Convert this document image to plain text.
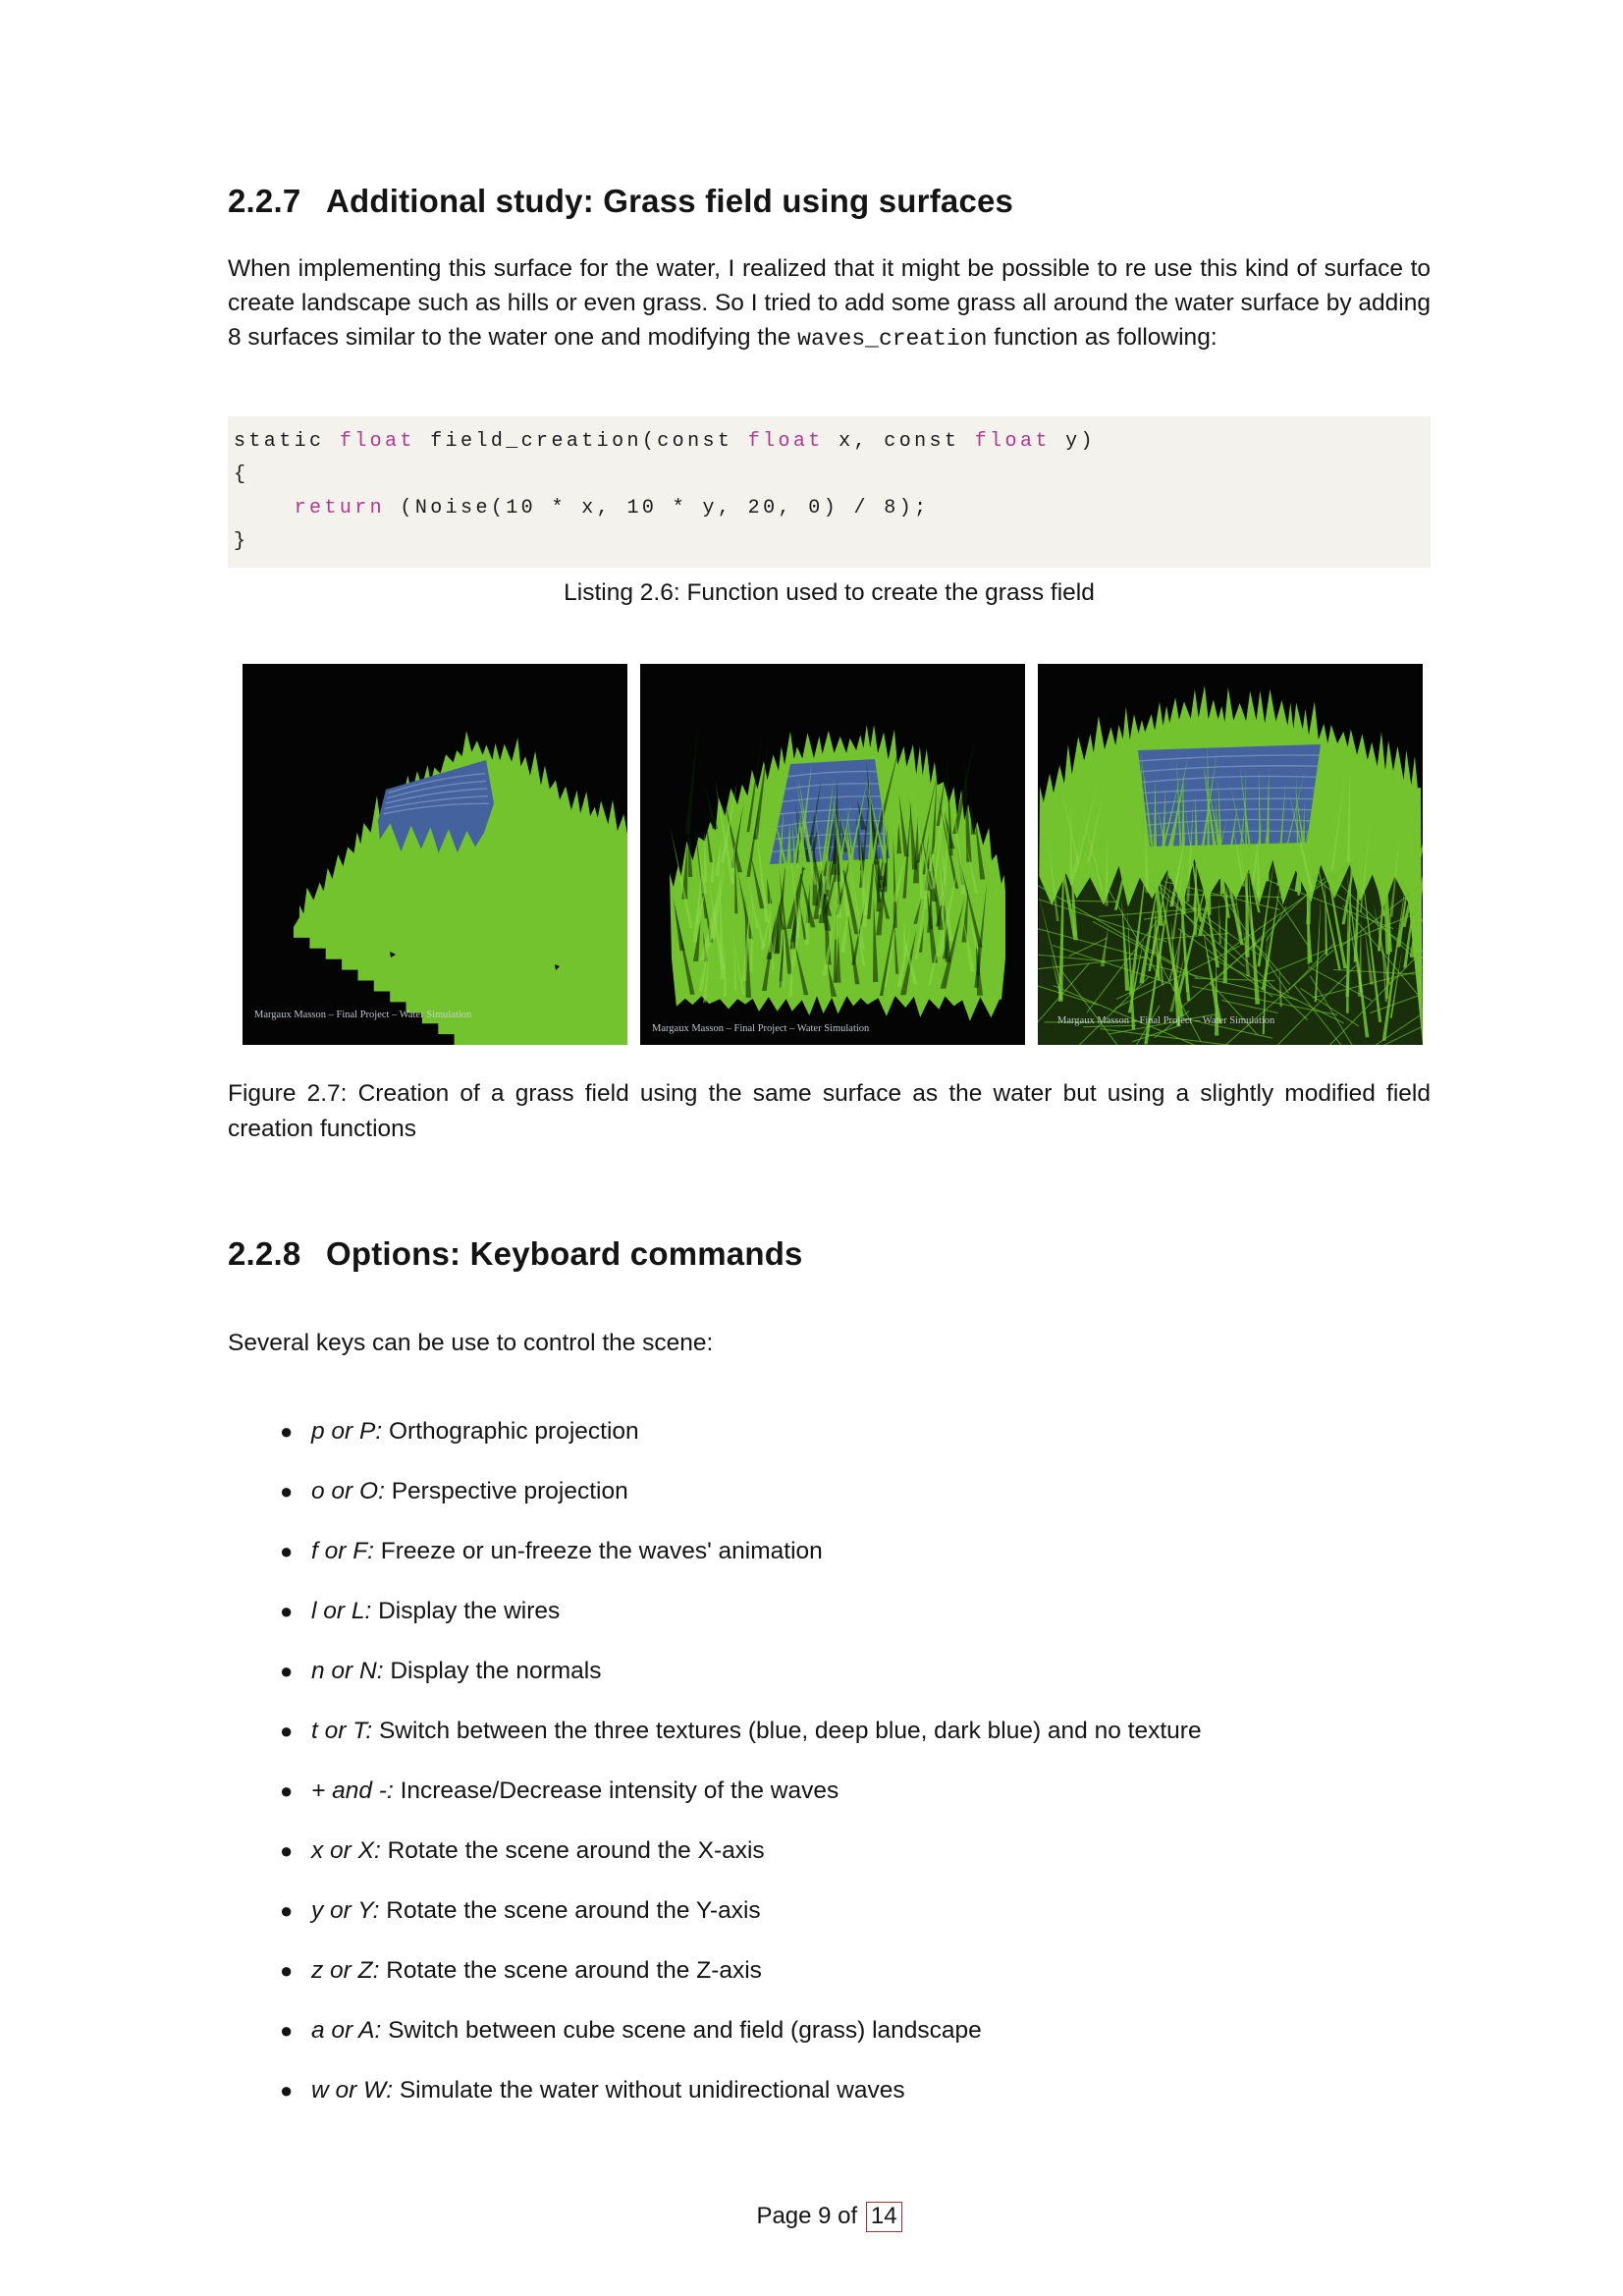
2.2.7 Additional study: Grass field using surfaces

When implementing this surface for the water, I realized that it might be possible to re use this kind of surface to create landscape such as hills or even grass. So I tried to add some grass all around the water surface by adding 8 surfaces similar to the water one and modifying the waves_creation function as following:

static float field_creation(const float x, const float y)
{
return (Noise(10 * x, 10 * y, 20, 0) / 8);
}
Listing 2.6: Function used to create the grass field
Margaux Masson – Final Project – Water Simulation
Margaux Masson – Final Project – Water Simulation
Margaux Masson – Final Project – Water Simulation
Figure 2.7: Creation of a grass field using the same surface as the water but using a slightly modified field creation functions
2.2.8 Options: Keyboard commands

Several keys can be use to control the scene:

● p or P: Orthographic projection
● o or O: Perspective projection
● f or F: Freeze or un-freeze the waves' animation
● l or L: Display the wires
● n or N: Display the normals
● t or T: Switch between the three textures (blue, deep blue, dark blue) and no texture
● + and -: Increase/Decrease intensity of the waves
● x or X: Rotate the scene around the X-axis
● y or Y: Rotate the scene around the Y-axis
● z or Z: Rotate the scene around the Z-axis
● a or A: Switch between cube scene and field (grass) landscape
● w or W: Simulate the water without unidirectional waves
Page 9 of 14
